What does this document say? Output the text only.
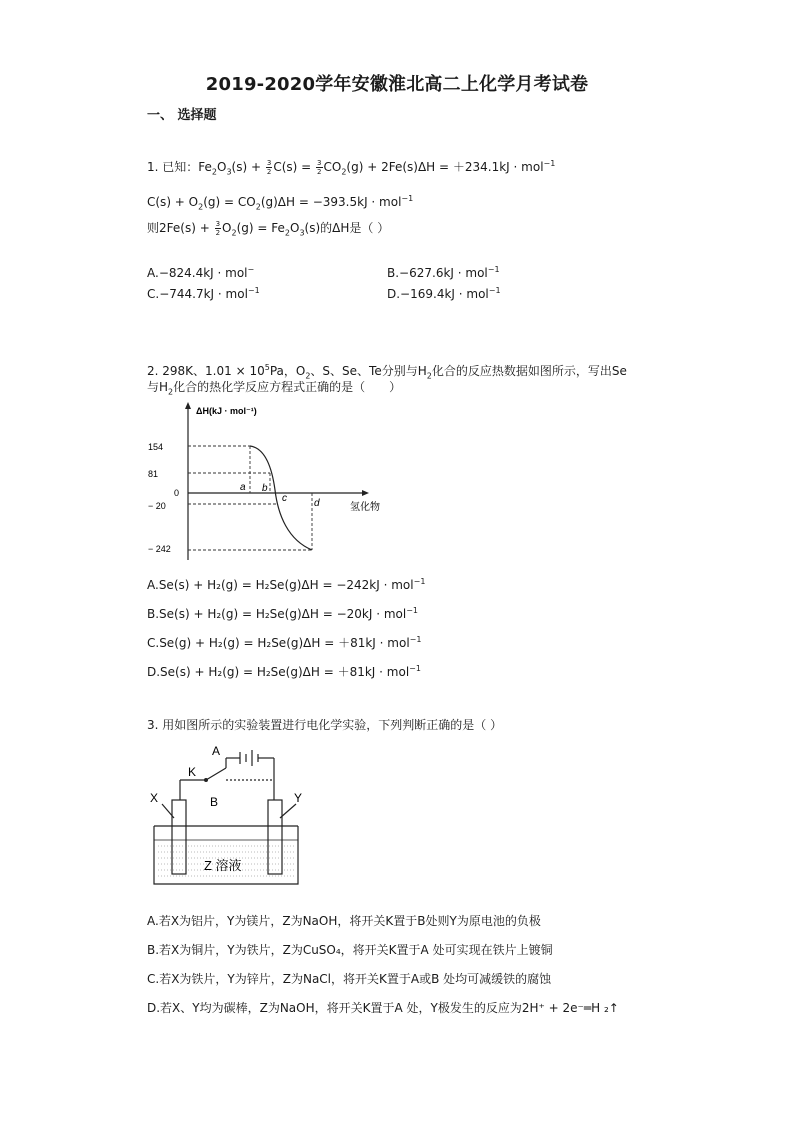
2019-2020学年安徽淮北高二上化学月考试卷
一、 选择题
1. 已知：$Fe_2O_3(s) + \frac{3}{2} C(s) = \frac{3}{2} CO_2(g) + 2Fe(s)\Delta H = +234.1kJ \cdot mol^{-1}$
$C(s) + O_2(g) = CO_2(g)\Delta H = -393.5kJ \cdot mol^{-1}$
则$2Fe(s) + \frac{3}{2} O_2(g) = Fe_2O_3(s)$的ΔH是（ ）
A.−824.4kJ · mol−	B.−627.6kJ · mol$^{-1}$
C.−744.7kJ · mol$^{-1}$	D.−169.4kJ · mol$^{-1}$
2. 298K、$1.01 \times 10^5Pa$，$O_2$、S、Se、Te分别与$H_2$化合的反应热数据如图所示，写出Se
与$H_2$化合的热化学反应方程式正确的是（　　）
ΔH(kJ · mol⁻¹)
氢化物
154
81
0
− 20
− 242
a b
c	d
A.Se(s) + H₂(g) = H₂Se(g)ΔH = −242kJ · mol$^{-1}$
B.Se(s) + H₂(g) = H₂Se(g)ΔH = −20kJ · mol$^{-1}$
C.Se(g) + H₂(g) = H₂Se(g)ΔH = ＋81kJ · mol$^{-1}$
D.Se(s) + H₂(g) = H₂Se(g)ΔH = ＋81kJ · mol$^{-1}$
3. 用如图所示的实验装置进行电化学实验，下列判断正确的是（ ）
A
K
B
X	Y
Z 溶液
A.若X为铝片，Y为镁片，Z为NaOH，将开关K置于B处则Y为原电池的负极
B.若X为铜片，Y为铁片，Z为CuSO₄，将开关K置于A 处可实现在铁片上镀铜
C.若X为铁片，Y为锌片，Z为NaCl，将开关K置于A或B 处均可减缓铁的腐蚀
D.若X、Y均为碳棒，Z为NaOH，将开关K置于A 处，Y极发生的反应为2H⁺ + 2e⁻═H ₂↑
